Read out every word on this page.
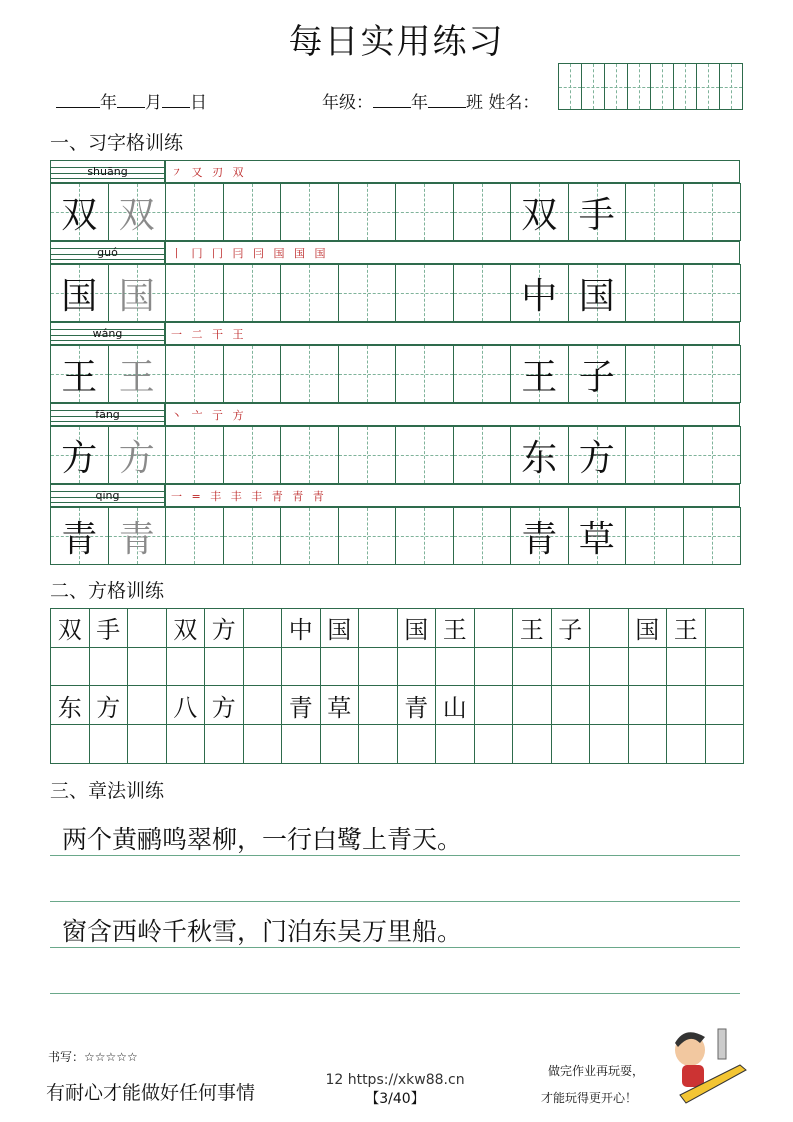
每日实用练习
年 月 日	年级： 年 班 姓名：
一、习字格训练
二、方格训练
三、章法训练
两个黄鹂鸣翠柳，一行白鹭上青天。
窗含西岭千秋雪，门泊东吴万里船。
书写：☆☆☆☆☆
有耐心才能做好任何事情
12 https://xkw88.cn
【3/40】
做完作业再玩耍，
才能玩得更开心！
shuāng	㇇ 又 刃 双
双 双	双 手
guó	丨 冂 冂 冃 冃 国 国 国
国 国	中 国
wáng	一 二 干 王
王 王	王 子
fāng	丶 亠 亍 方
方 方	东 方
qīng	一 = 丰 丰 丰 青 青 青
青 青	青 草
双 手	双 方	中 国	国 王	王 子	国 王
东 方	八 方	青 草	青 山
